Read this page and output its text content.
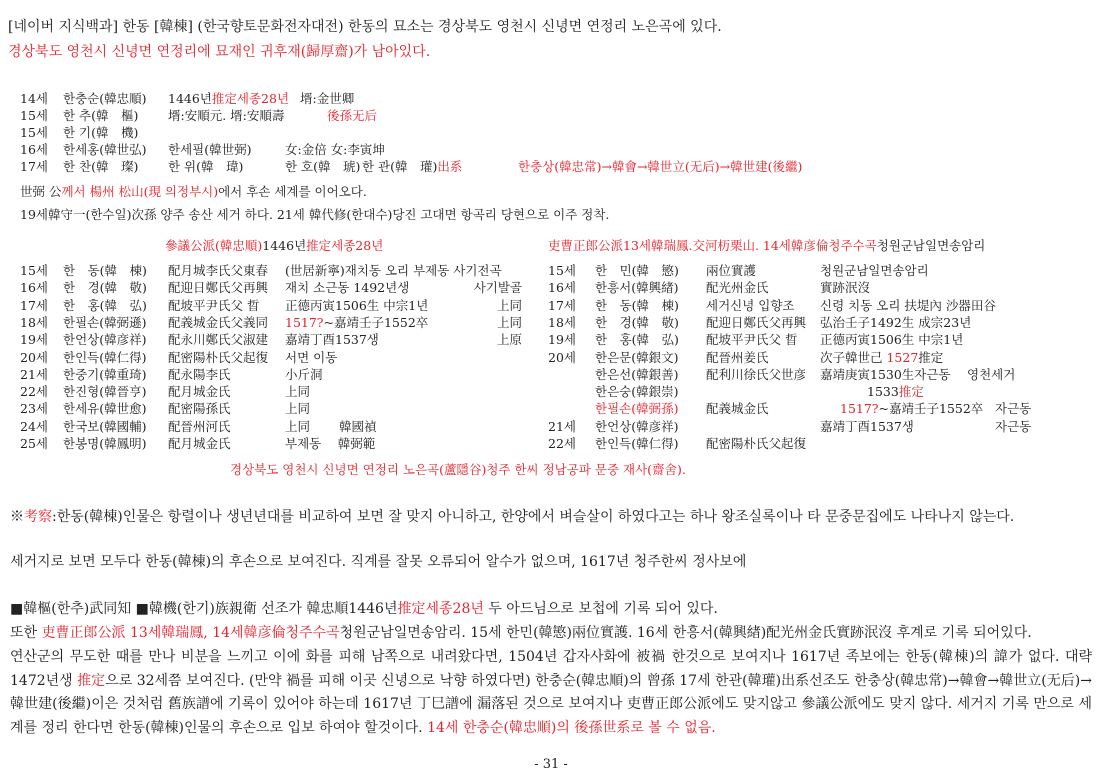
[네이버 지식백과] 한동 [韓棟] (한국향토문화전자대전) 한동의 묘소는 경상북도 영천시 신녕면 연정리 노은곡에 있다.
경상북도 영천시 신녕면 연정리에 묘재인 귀후재(歸厚齋)가 남아있다.
14세 한충순(韓忠順) 1446년推定세종28년 壻:金世卿
15세 한 추(韓　樞) 壻:安順元. 壻:安順壽	後孫无后
15세 한 기(韓　機)
16세 한세홍(韓世弘) 한세필(韓世弼)	女:金倍 女:李寅坤
17세 한 찬(韓　璨) 한 위(韓　瑋)	한 호(韓　琥) 한 관(韓　瓘)出系	한충상(韓忠常)→韓會→韓世立(无后)→韓世建(後繼)
世弼 公께서 楊州 松山(現 의정부시)에서 후손 세계를 이어오다.
19세韓守一(한수일)次孫 양주 송산 세거 하다. 21세 韓代修(한대수)당진 고대면 항곡리 당현으로 이주 정착.
參議公派(韓忠順)1446년推定세종28년	吏曹正郎公派13세韓瑞鳳.交河杤栗山. 14세韓彦倫청주수곡청원군남일면송암리
15세 한　동(韓　棟) 配月城李氏父東春 (世居新寧)재치동 오리 부제동 사기전곡
16세 한　경(韓　敬) 配迎日鄭氏父再興 재치 소근동 1492년생	사기발골
17세 한　홍(韓　弘) 配坡平尹氏父 晢 正德丙寅1506生 中宗1년	上同
18세 한필손(韓弼遜) 配義城金氏父義同 1517?~嘉靖壬子1552卒	上同
19세 한언상(韓彦祥) 配永川鄭氏父淑建 嘉靖丁酉1537생	上原
20세 한인득(韓仁得) 配密陽朴氏父起復 서면 이동
21세 한중기(韓重琦) 配永陽李氏	小斤洞
22세 한진형(韓晉亨) 配月城金氏	上同
23세 한세유(韓世愈) 配密陽孫氏	上同
24세 한국보(韓國輔) 配晉州河氏	上同　　 韓國禎
25세 한봉명(韓鳳明) 配月城金氏	부제동　 韓弼範
15세 한　민(韓　慜) 兩位實護	청원군남일면송암리
16세 한흥서(韓興緖) 配光州金氏	實跡泯沒
17세 한　동(韓　棟) 세거신녕 입향조 신령 치동 오리 扶堤內 沙器田谷
18세 한　경(韓　敬) 配迎日鄭氏父再興 弘治壬子1492生 成宗23년
19세 한　홍(韓　弘) 配坡平尹氏父 晢 正德丙寅1506生 中宗1년
20세 한은문(韓銀文) 配晉州姜氏	次子韓世己 1527推定
한은선(韓銀善) 配利川徐氏父世彦 嘉靖庚寅1530生자근동　 영천세거
한은숭(韓銀崇)	1533推定
한필손(韓弼孫) 配義城金氏	1517?~嘉靖壬子1552卒 자근동
21세 한언상(韓彦祥)	嘉靖丁酉1537생	자근동
22세 한인득(韓仁得) 配密陽朴氏父起復
경상북도 영천시 신녕면 연정리 노은곡(蘆隱谷)청주 한씨 정남공파 문중 재사(齋舍).
※考察:한동(韓棟)인물은 항렬이나 생년년대를 비교하여 보면 잘 맞지 아니하고, 한양에서 벼슬살이 하였다고는 하나 왕조실록이나 타 문중문집에도 나타나지 않는다.
세거지로 보면 모두다 한동(韓棟)의 후손으로 보여진다. 직계를 잘못 오류되어 알수가 없으며, 1617년 청주한씨 정사보에
■韓樞(한추)武同知 ■韓機(한기)族親衛 선조가 韓忠順1446년推定세종28년 두 아드님으로 보첩에 기록 되어 있다.
또한 吏曹正郎公派 13세韓瑞鳳, 14세韓彦倫청주수곡청원군남일면송암리. 15세 한민(韓慜)兩位實護. 16세 한흥서(韓興緖)配光州金氏實跡泯沒 후계로 기록 되어있다.
연산군의 무도한 때를 만나 비분을 느끼고 이에 화를 피해 남쪽으로 내려왔다면, 1504년 갑자사화에 被禍 한것으로 보여지나 1617년 족보에는 한동(韓棟)의 諱가 없다. 대략1472년생 推定으로 32세쯤 보여진다. (만약 禍를 피해 이곳 신녕으로 낙향 하였다면) 한충순(韓忠順)의 曾孫 17세 한관(韓瓘)出系선조도 한충상(韓忠常)→韓會→韓世立(无后)→韓世建(後繼)이은 것처럼 舊族譜에 기록이 있어야 하는데 1617년 丁巳譜에 漏落된 것으로 보여지나 吏曹正郎公派에도 맞지않고 參議公派에도 맞지 않다. 세거지 기록 만으로 세계를 정리 한다면 한동(韓棟)인물의 후손으로 입보 하여야 할것이다. 14세 한충순(韓忠順)의 後孫世系로 볼 수 없음.
- 31 -
